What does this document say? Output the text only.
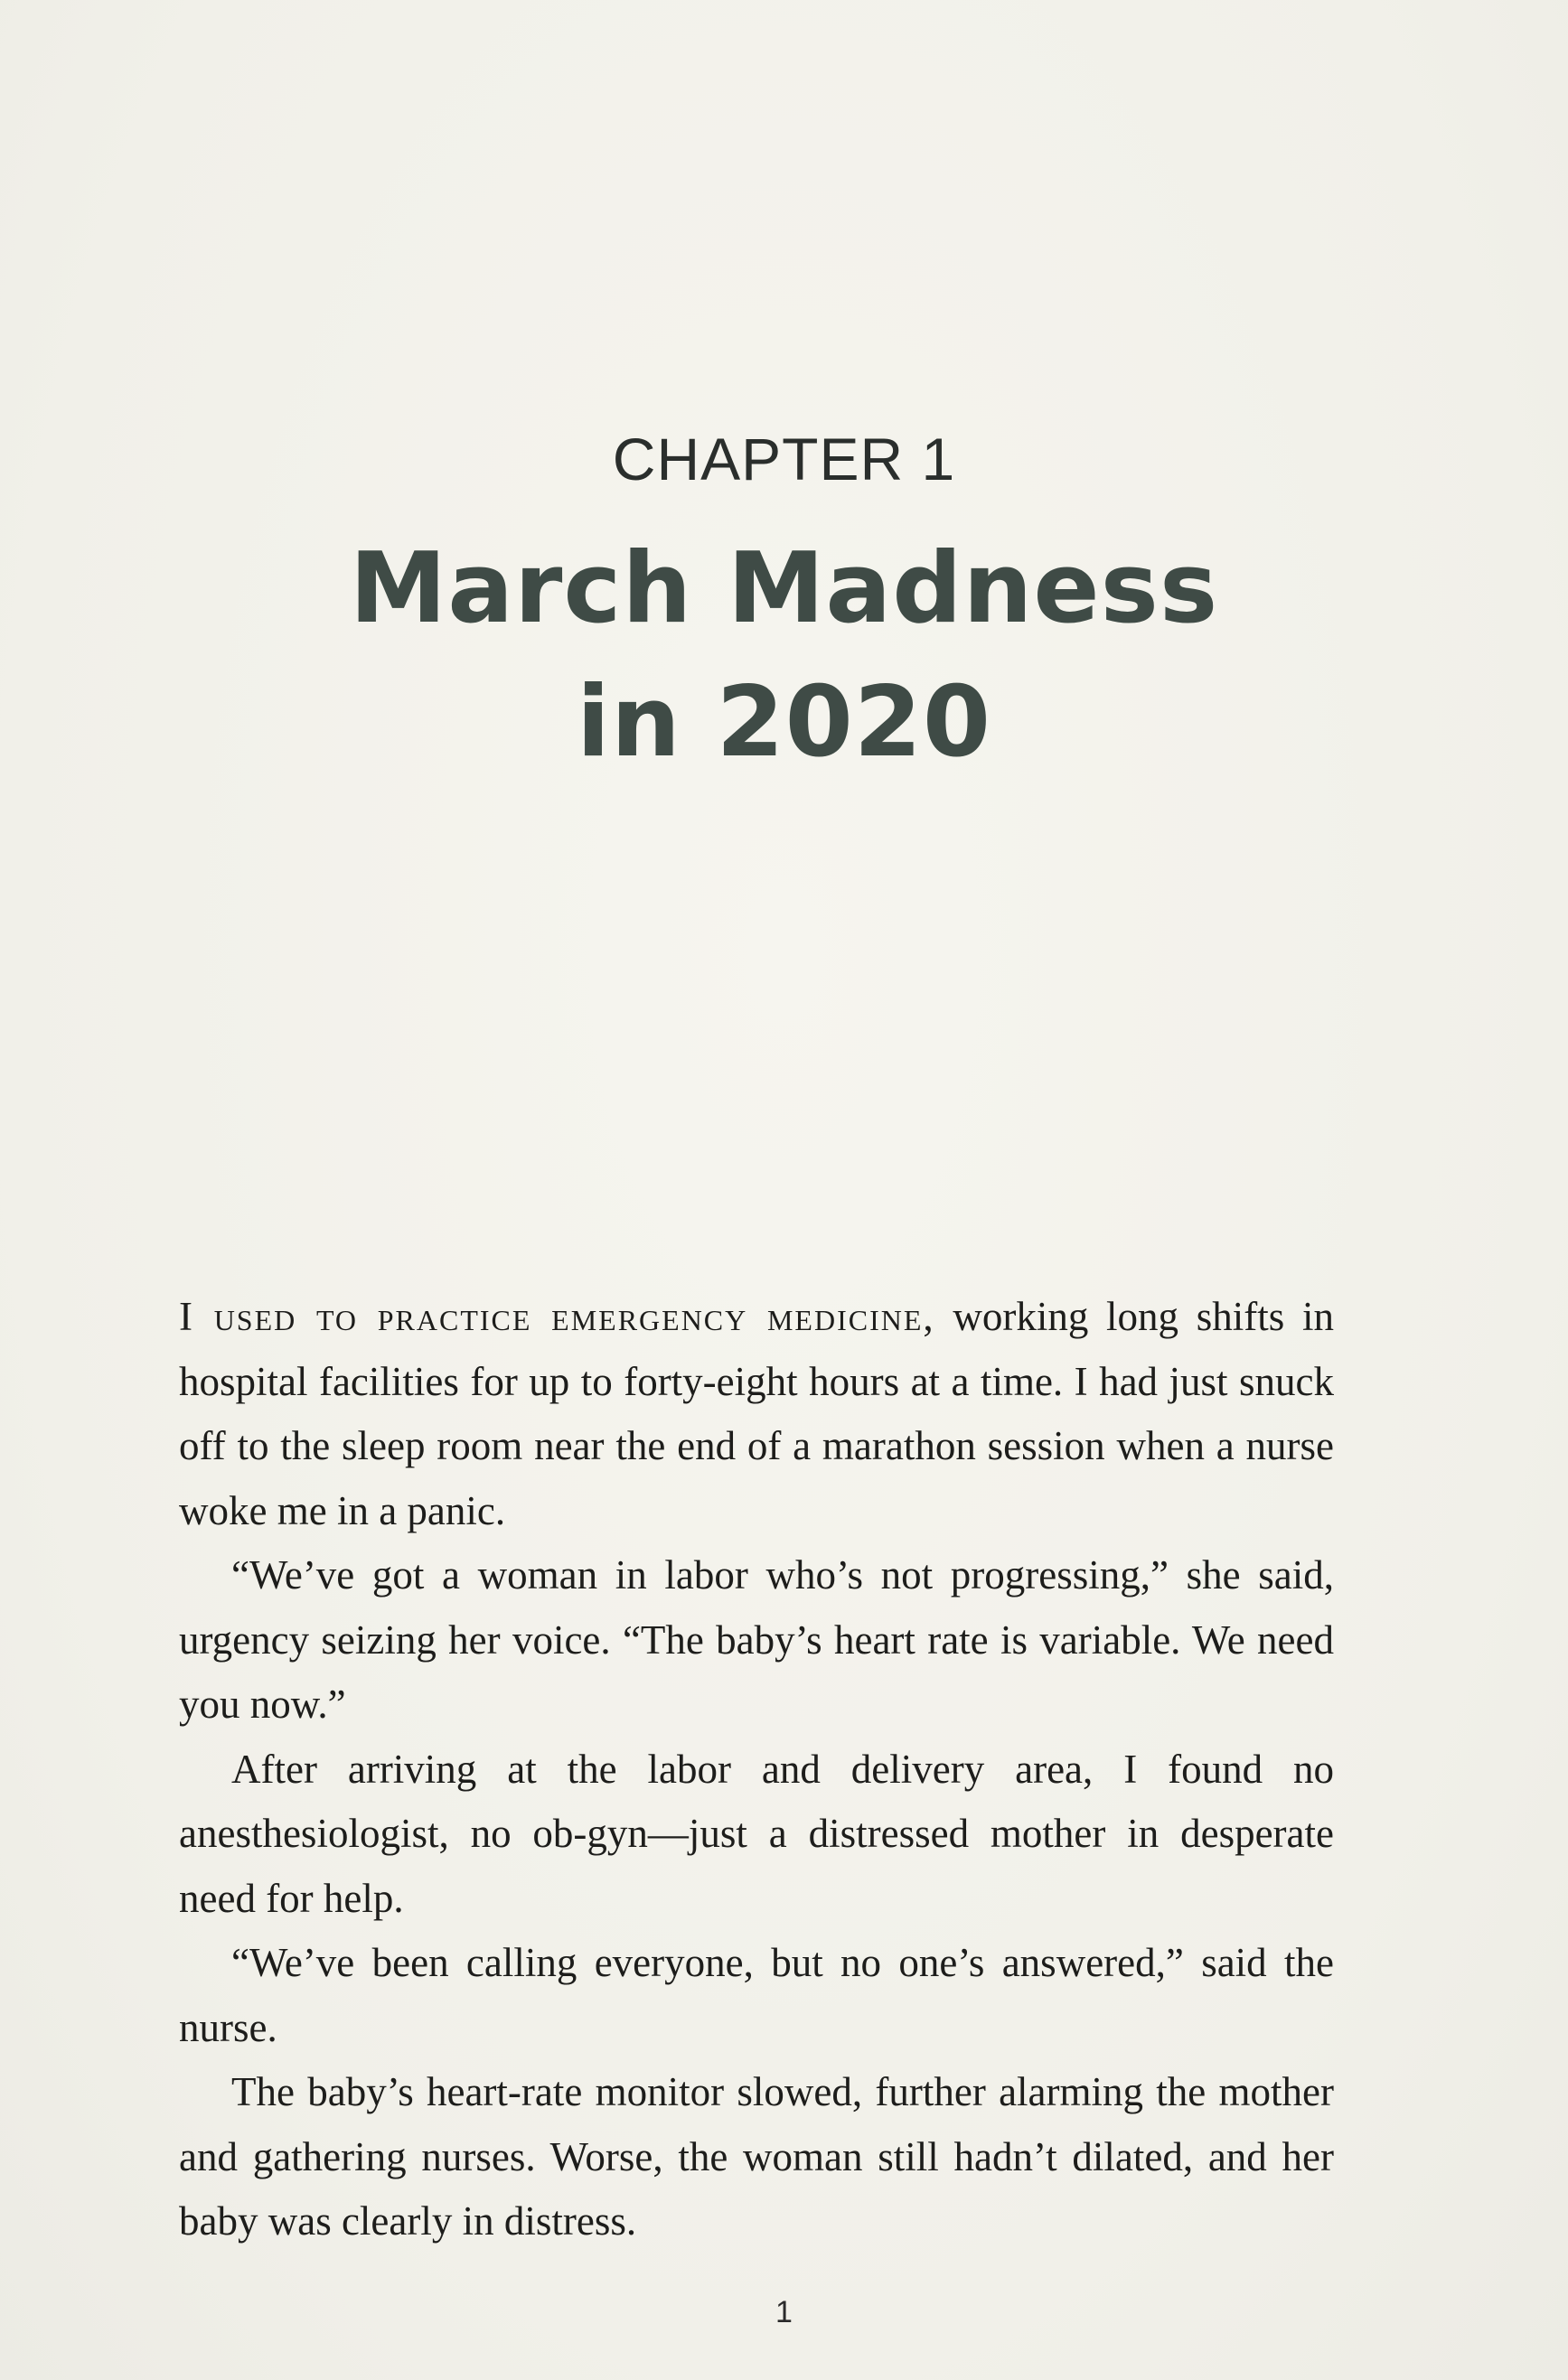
CHAPTER 1
March Madness
in 2020

I used to practice emergency medicine, working long shifts in hospital facilities for up to forty-eight hours at a time. I had just snuck off to the sleep room near the end of a marathon session when a nurse woke me in a panic.

“We’ve got a woman in labor who’s not progressing,” she said, urgency seizing her voice. “The baby’s heart rate is variable. We need you now.”

After arriving at the labor and delivery area, I found no anesthesiologist, no ob-gyn—just a distressed mother in desperate need for help.

“We’ve been calling everyone, but no one’s answered,” said the nurse.

The baby’s heart-rate monitor slowed, further alarming the mother and gathering nurses. Worse, the woman still hadn’t dilated, and her baby was clearly in distress.

1
